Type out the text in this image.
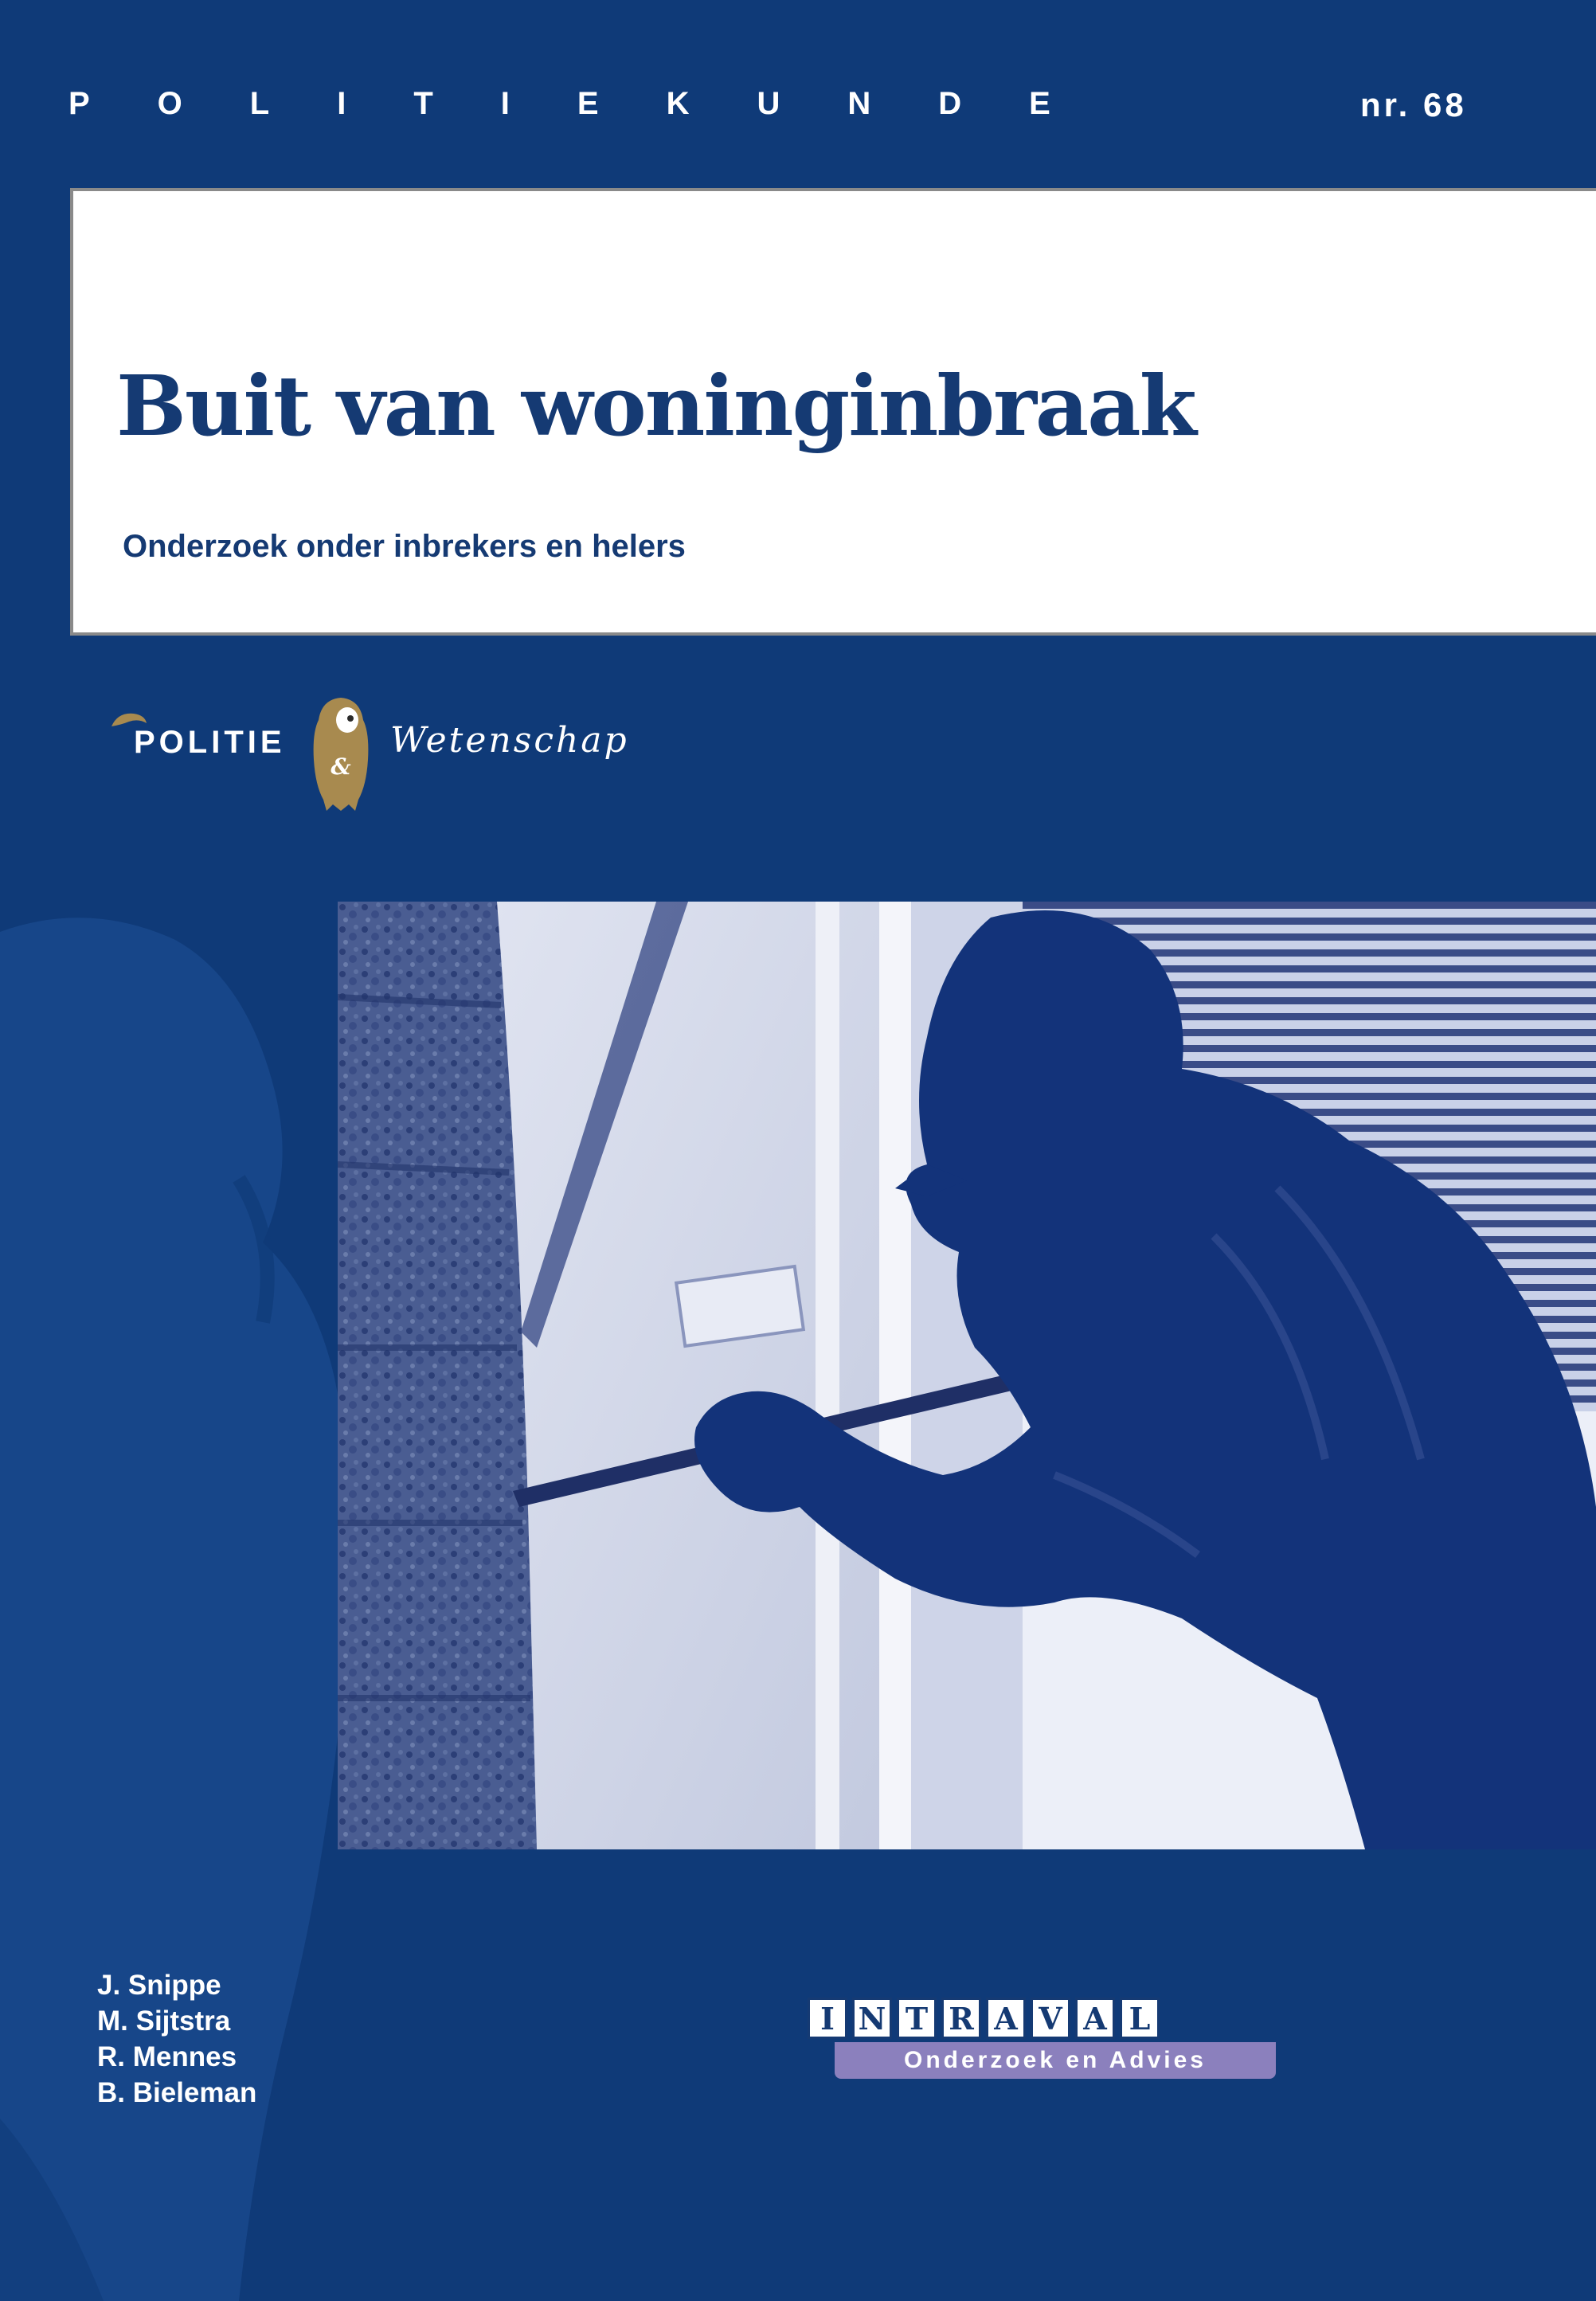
POLITIEKUNDE	nr. 68
Buit van woninginbraak

Onderzoek onder inbrekers en helers

POLITIE
&
Wetenschap
J. Snippe
M. Sijtstra
R. Mennes
B. Bieleman
I N T R A V A L
Onderzoek en Advies
